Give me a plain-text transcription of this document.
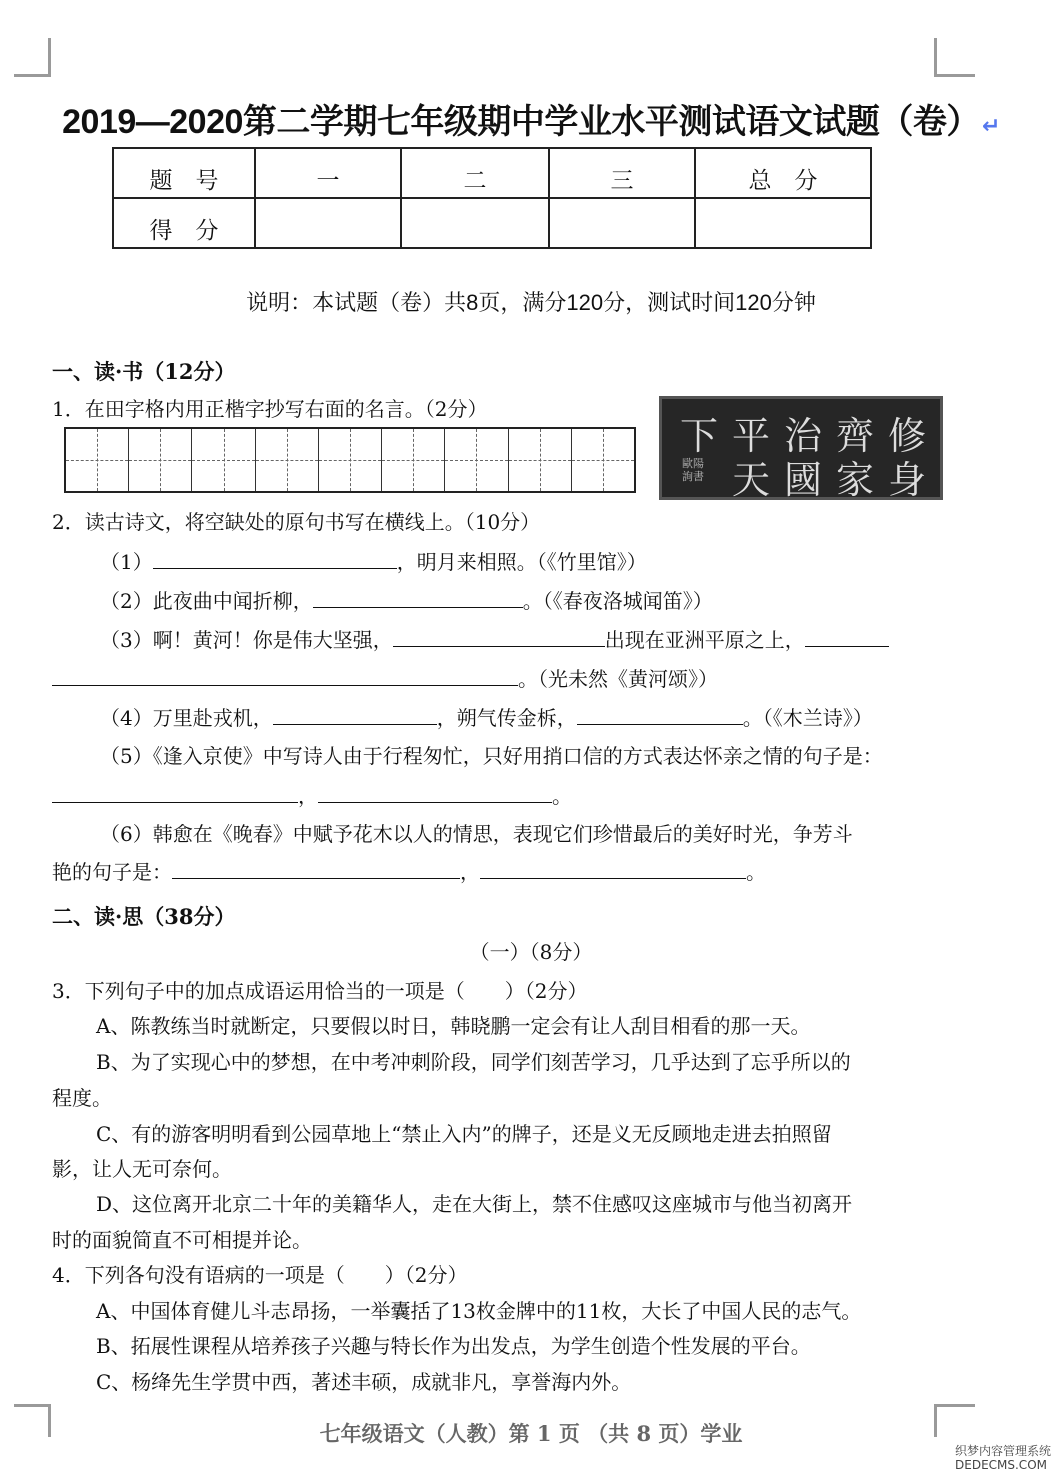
2019—2020第二学期七年级期中学业水平测试语文试题（卷）↵
题　号	一	二	三	总　分
得　分				
说明：本试题（卷）共8页，满分120分，测试时间120分钟
一、读·书（12分）
1．在田字格内用正楷字抄写右面的名言。（2分）
下 平 治 齊 修
歐陽詢書 天 國 家 身
2．读古诗文，将空缺处的原句书写在横线上。（10分）
（1）	，明月来相照。（《竹里馆》）
（2）此夜曲中闻折柳，	。（《春夜洛城闻笛》）
（3）啊！黄河！你是伟大坚强，	出现在亚洲平原之上，
。（光未然《黄河颂》）
（4）万里赴戎机，	，朔气传金柝，	。（《木兰诗》）
（5）《逢入京使》中写诗人由于行程匆忙，只好用捎口信的方式表达怀亲之情的句子是：
，	。
（6）韩愈在《晚春》中赋予花木以人的情思，表现它们珍惜最后的美好时光，争芳斗
艳的句子是：	，	。
二、读·思（38分）
（一）（8分）
3．下列句子中的加点成语运用恰当的一项是（　　）（2分）
A、陈教练当时就断定，只要假以时日，韩晓鹏一定会有让人刮目相看的那一天。
B、为了实现心中的梦想，在中考冲刺阶段，同学们刻苦学习，几乎达到了忘乎所以的
程度。
C、有的游客明明看到公园草地上“禁止入内”的牌子，还是义无反顾地走进去拍照留
影，让人无可奈何。
D、这位离开北京二十年的美籍华人，走在大街上，禁不住感叹这座城市与他当初离开
时的面貌简直不可相提并论。
4．下列各句没有语病的一项是（　　）（2分）
A、中国体育健儿斗志昂扬，一举囊括了13枚金牌中的11枚，大长了中国人民的志气。
B、拓展性课程从培养孩子兴趣与特长作为出发点，为学生创造个性发展的平台。
C、杨绛先生学贯中西，著述丰硕，成就非凡，享誉海内外。
七年级语文（人教）第 1 页 （共 8 页）学业
织梦内容管理系统
DEDECMS.COM
